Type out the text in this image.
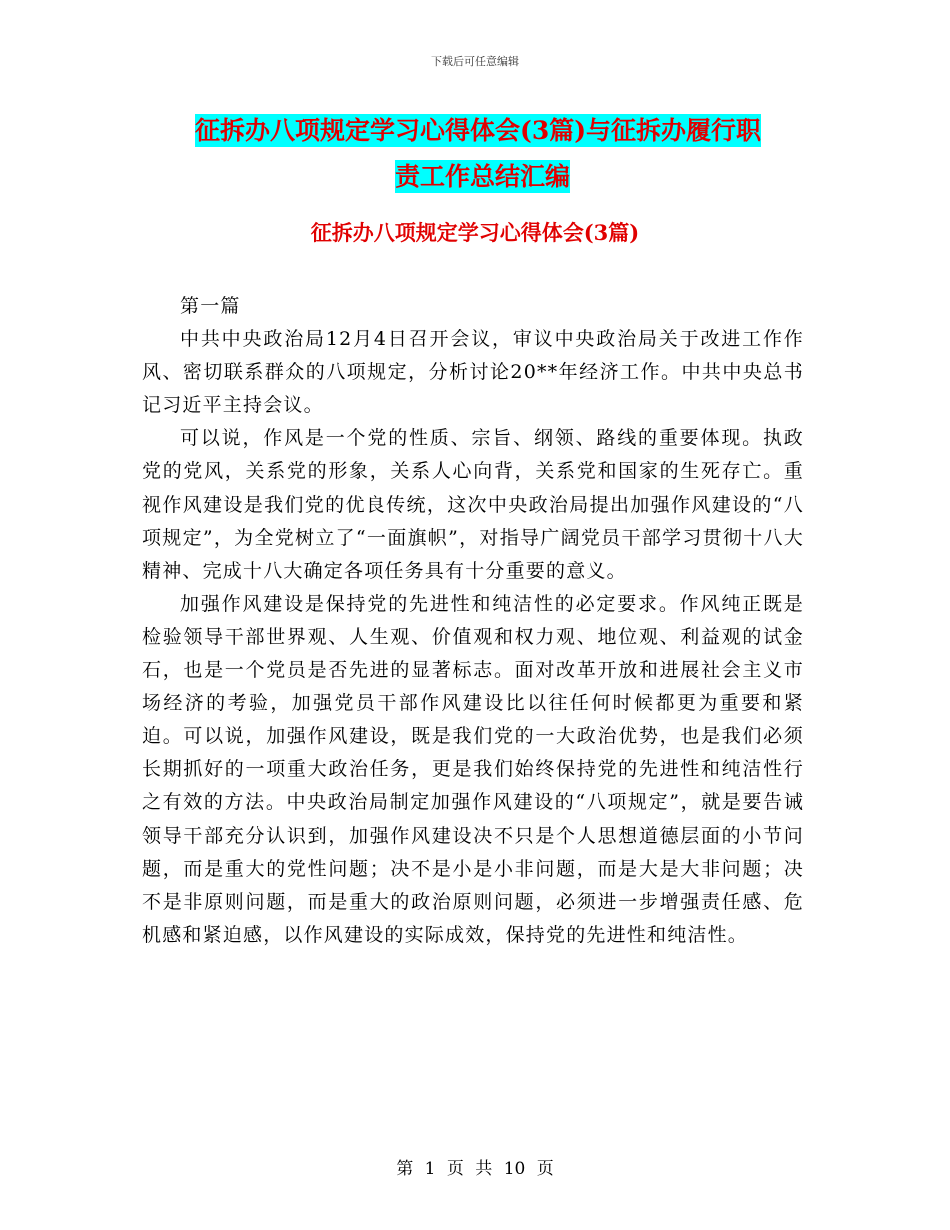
下载后可任意编辑
征拆办八项规定学习心得体会(3篇)与征拆办履行职
责工作总结汇编
征拆办八项规定学习心得体会(3篇)

第一篇

中共中央政治局12月4日召开会议，审议中央政治局关于改进工作作风、密切联系群众的八项规定，分析讨论20**年经济工作。中共中央总书记习近平主持会议。

可以说，作风是一个党的性质、宗旨、纲领、路线的重要体现。执政党的党风，关系党的形象，关系人心向背，关系党和国家的生死存亡。重视作风建设是我们党的优良传统，这次中央政治局提出加强作风建设的“八项规定”，为全党树立了“一面旗帜”，对指导广阔党员干部学习贯彻十八大精神、完成十八大确定各项任务具有十分重要的意义。

加强作风建设是保持党的先进性和纯洁性的必定要求。作风纯正既是检验领导干部世界观、人生观、价值观和权力观、地位观、利益观的试金石，也是一个党员是否先进的显著标志。面对改革开放和进展社会主义市场经济的考验，加强党员干部作风建设比以往任何时候都更为重要和紧迫。可以说，加强作风建设，既是我们党的一大政治优势，也是我们必须长期抓好的一项重大政治任务，更是我们始终保持党的先进性和纯洁性行之有效的方法。中央政治局制定加强作风建设的“八项规定”，就是要告诫领导干部充分认识到，加强作风建设决不只是个人思想道德层面的小节问题，而是重大的党性问题；决不是小是小非问题，而是大是大非问题；决不是非原则问题，而是重大的政治原则问题，必须进一步增强责任感、危机感和紧迫感，以作风建设的实际成效，保持党的先进性和纯洁性。

第 1 页 共 10 页
